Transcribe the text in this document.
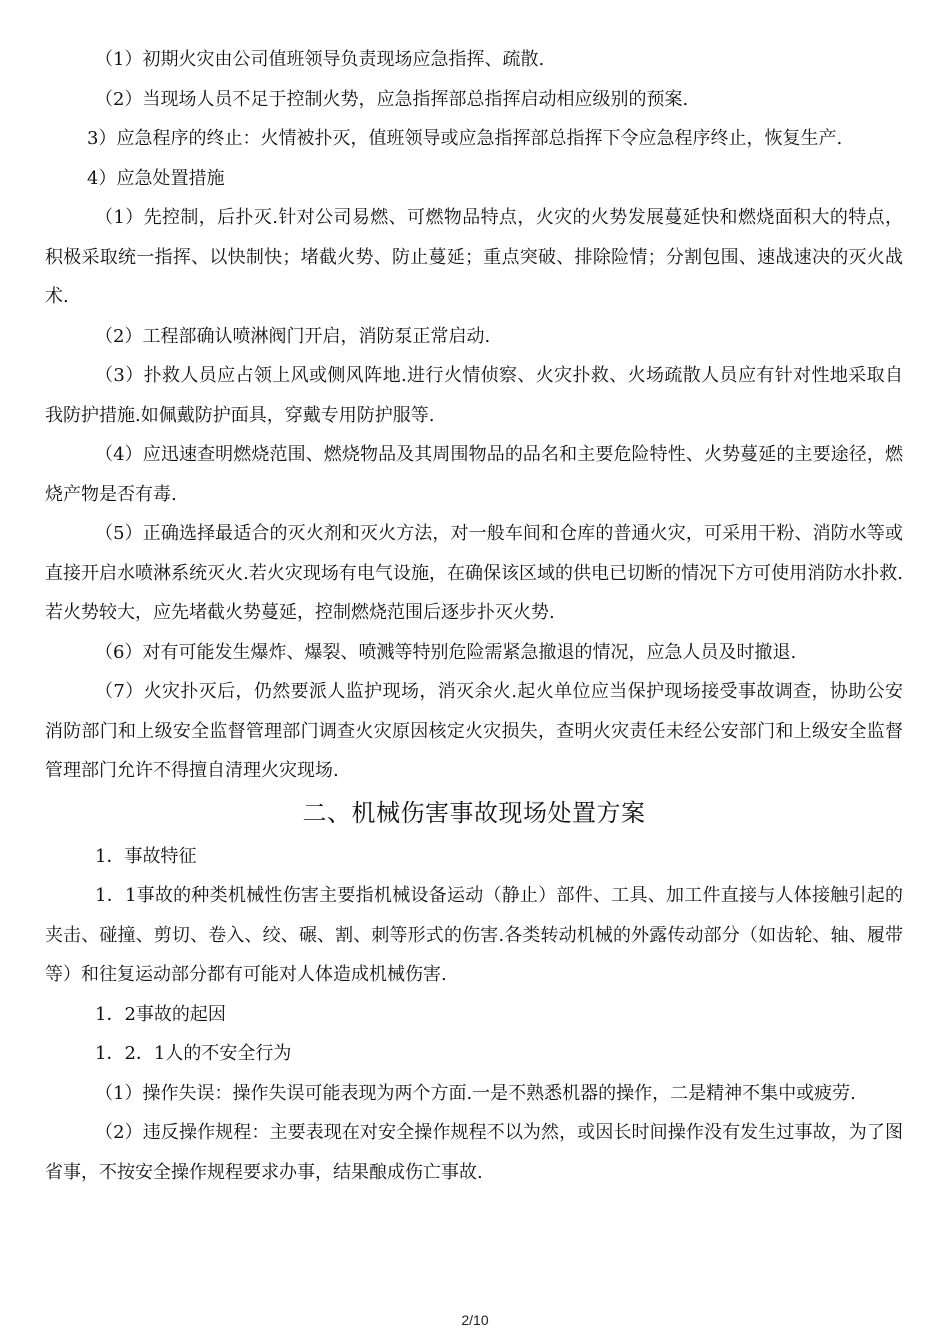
（1）初期火灾由公司值班领导负责现场应急指挥、疏散.

（2）当现场人员不足于控制火势，应急指挥部总指挥启动相应级别的预案.

3）应急程序的终止：火情被扑灭，值班领导或应急指挥部总指挥下令应急程序终止，恢复生产.

4）应急处置措施

（1）先控制，后扑灭.针对公司易燃、可燃物品特点，火灾的火势发展蔓延快和燃烧面积大的特点，积极采取统一指挥、以快制快；堵截火势、防止蔓延；重点突破、排除险情；分割包围、速战速决的灭火战术.

（2）工程部确认喷淋阀门开启，消防泵正常启动.

（3）扑救人员应占领上风或侧风阵地.进行火情侦察、火灾扑救、火场疏散人员应有针对性地采取自我防护措施.如佩戴防护面具，穿戴专用防护服等.

（4）应迅速查明燃烧范围、燃烧物品及其周围物品的品名和主要危险特性、火势蔓延的主要途径，燃烧产物是否有毒.

（5）正确选择最适合的灭火剂和灭火方法，对一般车间和仓库的普通火灾，可采用干粉、消防水等或直接开启水喷淋系统灭火.若火灾现场有电气设施，在确保该区域的供电已切断的情况下方可使用消防水扑救.若火势较大，应先堵截火势蔓延，控制燃烧范围后逐步扑灭火势.

（6）对有可能发生爆炸、爆裂、喷溅等特别危险需紧急撤退的情况，应急人员及时撤退.

（7）火灾扑灭后，仍然要派人监护现场，消灭余火.起火单位应当保护现场接受事故调查，协助公安消防部门和上级安全监督管理部门调查火灾原因核定火灾损失，查明火灾责任未经公安部门和上级安全监督管理部门允许不得擅自清理火灾现场.

二、机械伤害事故现场处置方案

1．事故特征

1．1事故的种类机械性伤害主要指机械设备运动（静止）部件、工具、加工件直接与人体接触引起的夹击、碰撞、剪切、卷入、绞、碾、割、刺等形式的伤害.各类转动机械的外露传动部分（如齿轮、轴、履带等）和往复运动部分都有可能对人体造成机械伤害.

1．2事故的起因

1．2．1人的不安全行为

（1）操作失误：操作失误可能表现为两个方面.一是不熟悉机器的操作，二是精神不集中或疲劳.

（2）违反操作规程：主要表现在对安全操作规程不以为然，或因长时间操作没有发生过事故，为了图省事，不按安全操作规程要求办事，结果酿成伤亡事故.

2/10
